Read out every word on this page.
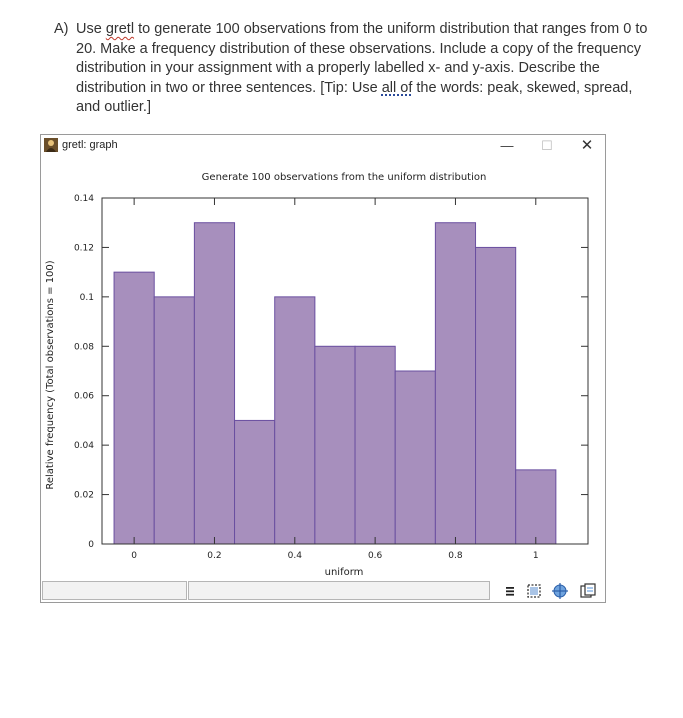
A) Use gretl to generate 100 observations from the uniform distribution that ranges from 0 to 20. Make a frequency distribution of these observations. Include a copy of the frequency distribution in your assignment with a properly labelled x- and y-axis. Describe the distribution in two or three sentences. [Tip: Use all of the words: peak, skewed, spread, and outlier.]
gretl: graph	—	☐	✕
Generate 100 observations from the uniform distribution
Relative frequency (Total observations = 100)
uniform
0
0.02
0.04
0.06
0.08
0.1
0.12
0.14
0	0.2	0.4	0.6	0.8	1
